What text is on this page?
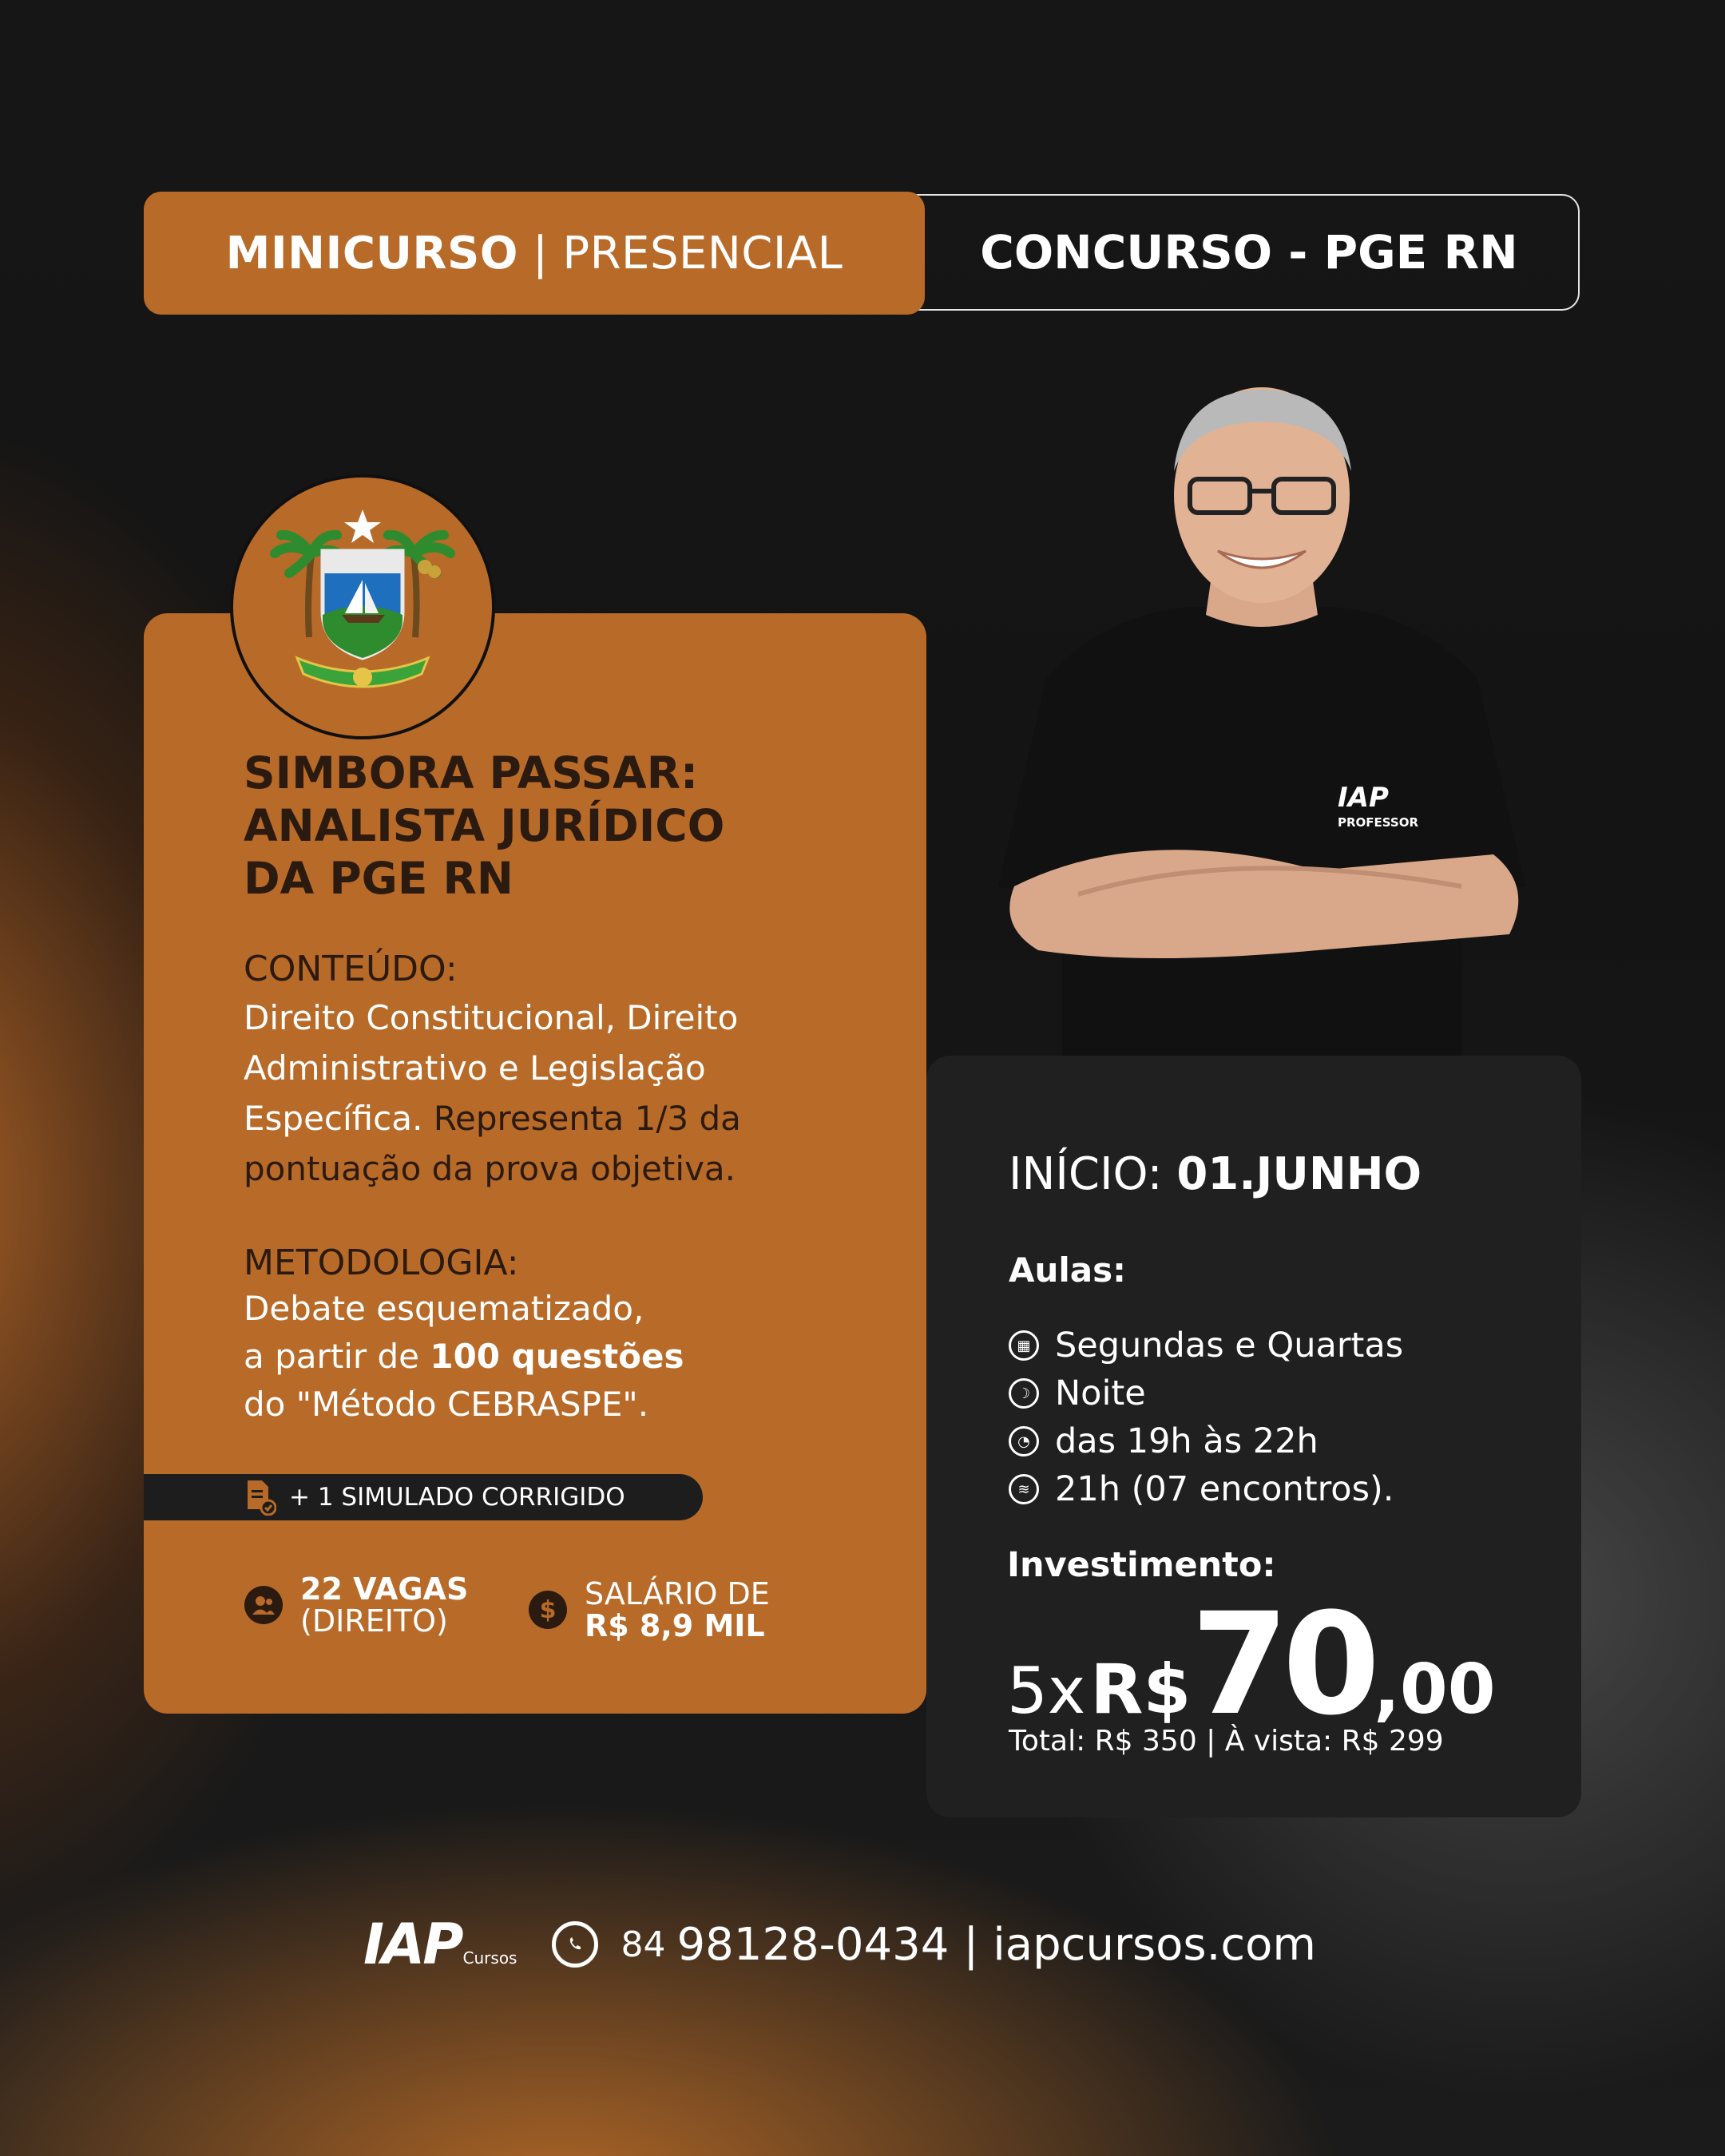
MINICURSO | PRESENCIAL	CONCURSO - PGE RN
SIMBORA PASSAR:
ANALISTA JURÍDICO
DA PGE RN
CONTEÚDO:
Direito Constitucional, Direito
Administrativo e Legislação
Específica. Representa 1/3 da
pontuação da prova objetiva.
METODOLOGIA:
Debate esquematizado,
a partir de 100 questões
do "Método CEBRASPE".
+ 1 SIMULADO CORRIGIDO
22 VAGAS
(DIREITO)	$ SALÁRIO DE
R$ 8,9 MIL
IAP
PROFESSOR
INÍCIO: 01.JUNHO
Aulas:
▦ Segundas e Quartas
☽ Noite
◔ das 19h às 22h
≋ 21h (07 encontros).
Investimento:
5x R$ 70 ,00
Total: R$ 350 | À vista: R$ 299
IAP Cursos	84 98128-0434 | iapcursos.com
